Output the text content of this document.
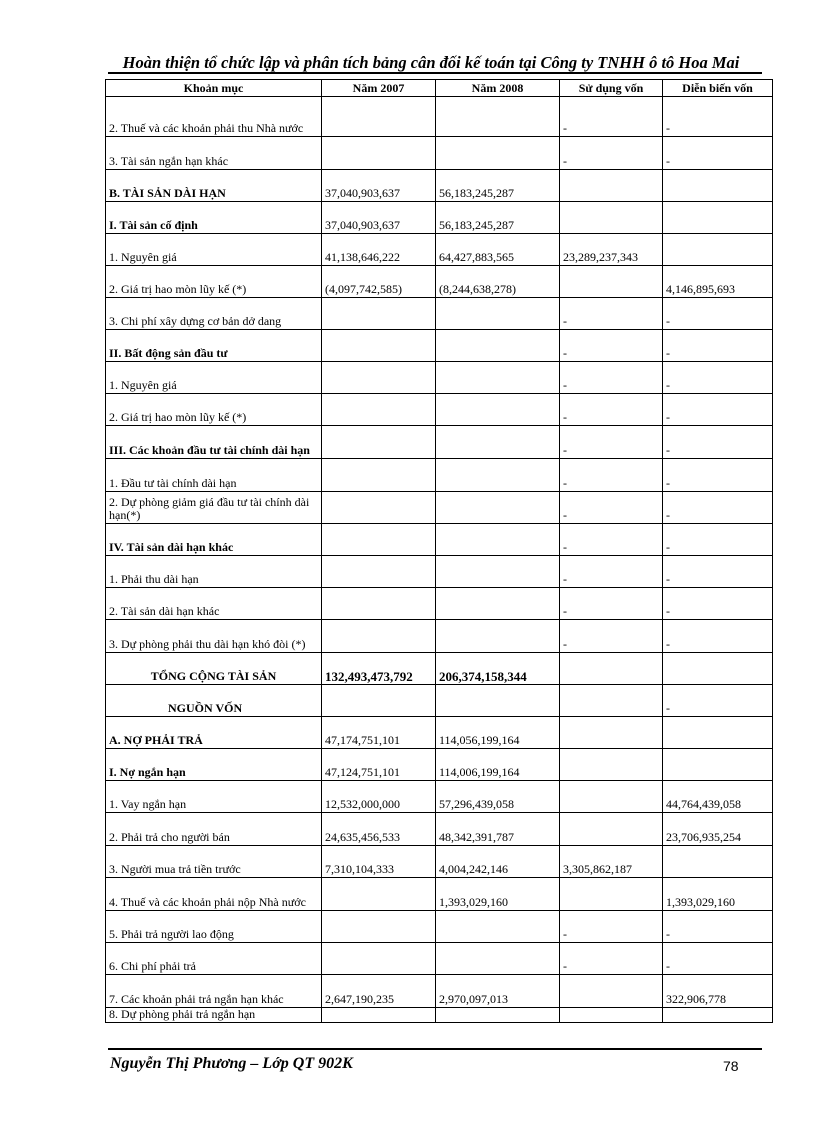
Hoàn thiện tổ chức lập và phân tích bảng cân đối kế toán tại Công ty TNHH ô tô Hoa Mai
Khoản mục	Năm 2007	Năm 2008	Sử dụng vốn	Diễn biến vốn
2. Thuế và các khoản phải thu Nhà nước			-	-
3. Tài sản ngắn hạn khác			-	-
B. TÀI SẢN DÀI HẠN	37,040,903,637	56,183,245,287		
I. Tài sản cố định	37,040,903,637	56,183,245,287		
1. Nguyên giá	41,138,646,222	64,427,883,565	23,289,237,343	
2. Giá trị hao mòn lũy kế (*)	(4,097,742,585)	(8,244,638,278)		4,146,895,693
3. Chi phí xây dựng cơ bản dở dang			-	-
II. Bất động sản đầu tư			-	-
1. Nguyên giá			-	-
2. Giá trị hao mòn lũy kế (*)			-	-
III. Các khoản đầu tư tài chính dài hạn			-	-
1. Đầu tư tài chính dài hạn			-	-
2. Dự phòng giảm giá đầu tư tài chính dài hạn(*)			-	-
IV. Tài sản dài hạn khác			-	-
1. Phải thu dài hạn			-	-
2. Tài sản dài hạn khác			-	-
3. Dự phòng phải thu dài hạn khó đòi (*)			-	-
TỔNG CỘNG TÀI SẢN	132,493,473,792	206,374,158,344		
NGUỒN VỐN				-
A. NỢ PHẢI TRẢ	47,174,751,101	114,056,199,164		
I. Nợ ngắn hạn	47,124,751,101	114,006,199,164		
1. Vay ngắn hạn	12,532,000,000	57,296,439,058		44,764,439,058
2. Phải trả cho người bán	24,635,456,533	48,342,391,787		23,706,935,254
3. Người mua trả tiền trước	7,310,104,333	4,004,242,146	3,305,862,187	
4. Thuế và các khoản phải nộp Nhà nước		1,393,029,160		1,393,029,160
5. Phải trả người lao động			-	-
6. Chi phí phải trả			-	-
7. Các khoản phải trả ngắn hạn khác	2,647,190,235	2,970,097,013		322,906,778
8. Dự phòng phải trả ngắn hạn				
Nguyễn Thị Phương – Lớp QT 902K	78
